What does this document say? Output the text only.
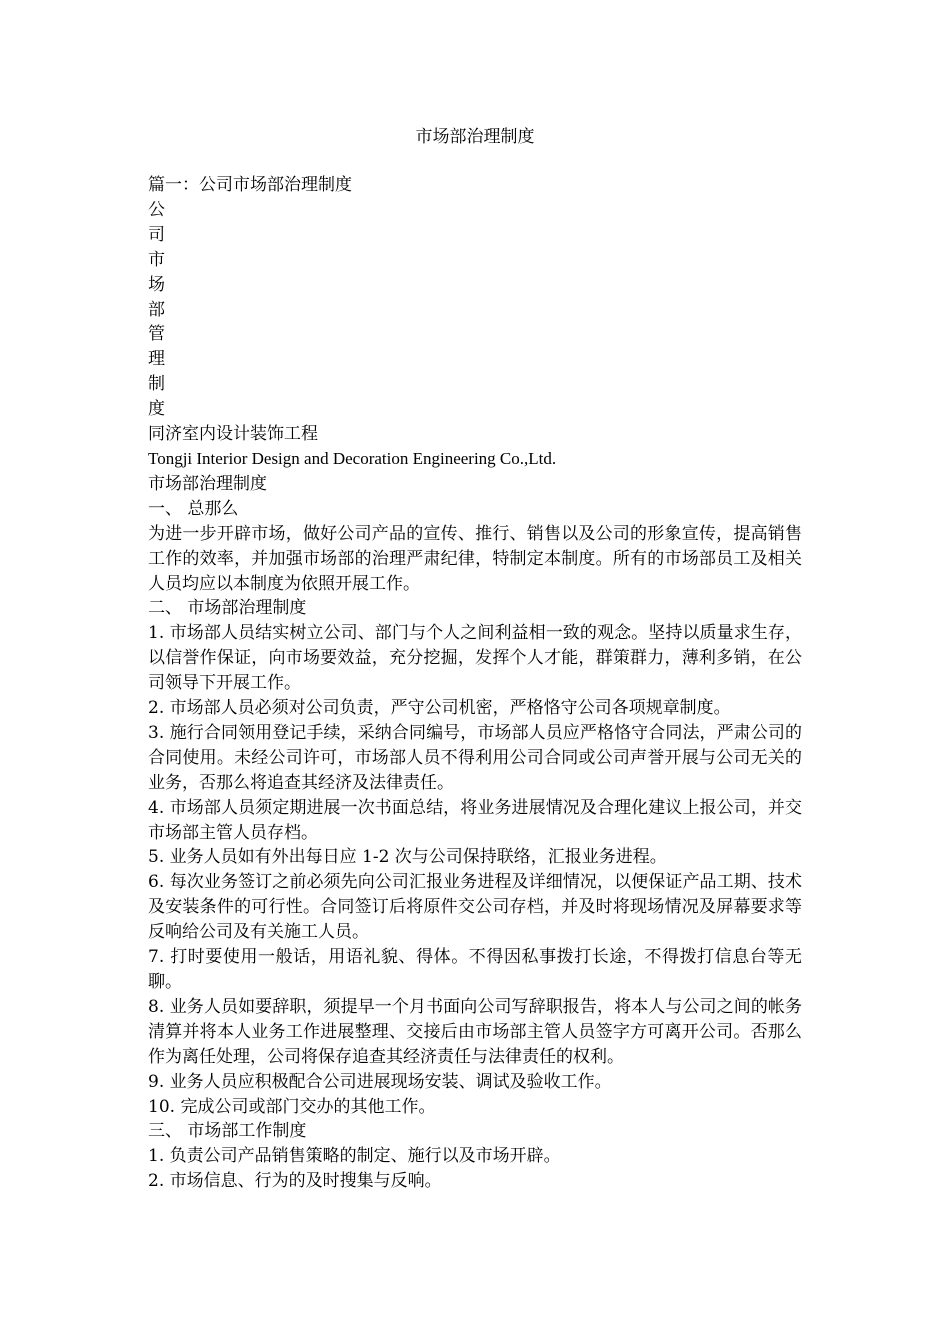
市场部治理制度

篇一：公司市场部治理制度

公

司

市

场

部

管

理

制

度

同济室内设计装饰工程

Tongji Interior Design and Decoration Engineering Co.,Ltd.

市场部治理制度

一、 总那么

为进一步开辟市场，做好公司产品的宣传、推行、销售以及公司的形象宣传，提高销售工作的效率，并加强市场部的治理严肃纪律，特制定本制度。所有的市场部员工及相关人员均应以本制度为依照开展工作。

二、 市场部治理制度

1. 市场部人员结实树立公司、部门与个人之间利益相一致的观念。坚持以质量求生存，以信誉作保证，向市场要效益，充分挖掘，发挥个人才能，群策群力，薄利多销，在公司领导下开展工作。

2. 市场部人员必须对公司负责，严守公司机密，严格恪守公司各项规章制度。

3. 施行合同领用登记手续，采纳合同编号，市场部人员应严格恪守合同法，严肃公司的合同使用。未经公司许可，市场部人员不得利用公司合同或公司声誉开展与公司无关的业务，否那么将追查其经济及法律责任。

4. 市场部人员须定期进展一次书面总结，将业务进展情况及合理化建议上报公司，并交市场部主管人员存档。

5. 业务人员如有外出每日应 1-2 次与公司保持联络，汇报业务进程。

6. 每次业务签订之前必须先向公司汇报业务进程及详细情况，以便保证产品工期、技术及安装条件的可行性。合同签订后将原件交公司存档，并及时将现场情况及屏幕要求等反响给公司及有关施工人员。

7. 打时要使用一般话，用语礼貌、得体。不得因私事拨打长途，不得拨打信息台等无聊。

8. 业务人员如要辞职，须提早一个月书面向公司写辞职报告，将本人与公司之间的帐务清算并将本人业务工作进展整理、交接后由市场部主管人员签字方可离开公司。否那么作为离任处理，公司将保存追查其经济责任与法律责任的权利。

9. 业务人员应积极配合公司进展现场安装、调试及验收工作。

10. 完成公司或部门交办的其他工作。

三、 市场部工作制度

1. 负责公司产品销售策略的制定、施行以及市场开辟。

2. 市场信息、行为的及时搜集与反响。
